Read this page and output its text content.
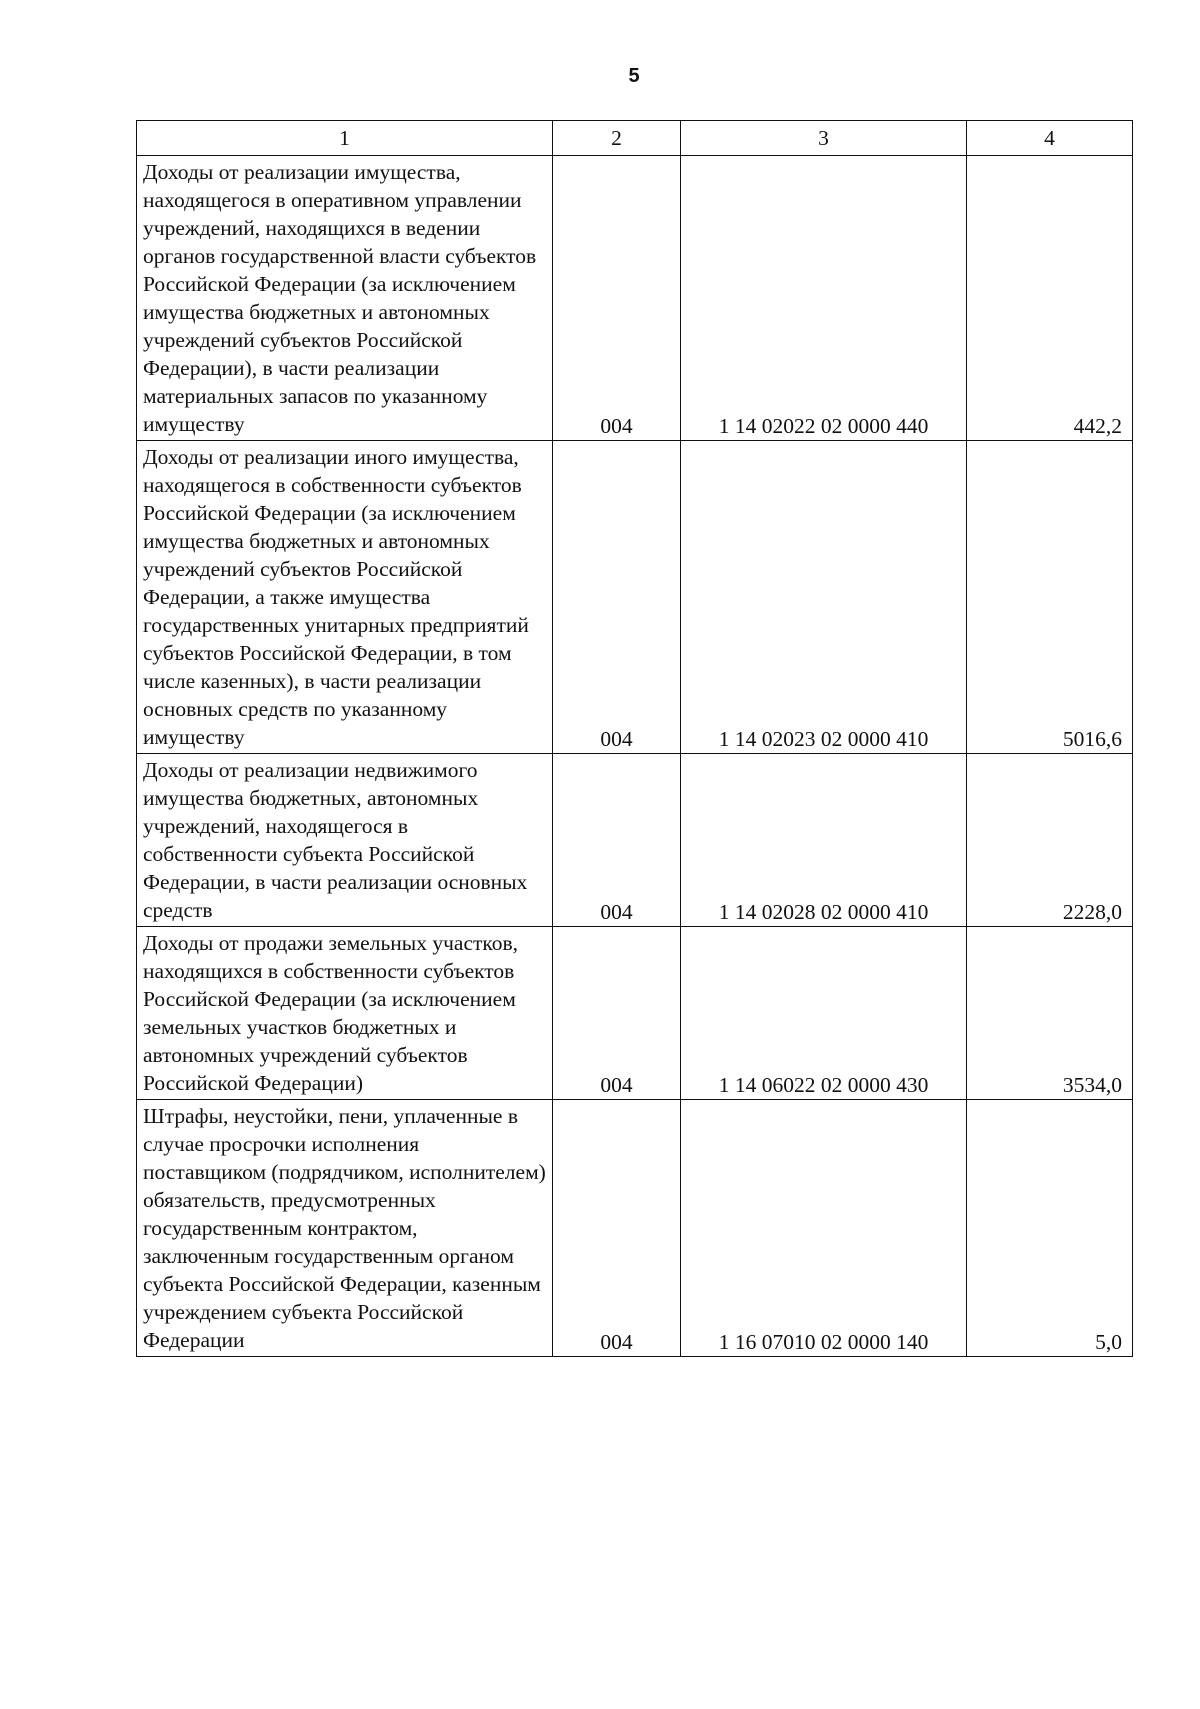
5
1	2	3	4
Доходы от реализации имущества, находящегося в оперативном управлении учреждений, находящихся в ведении органов государственной власти субъектов Российской Федерации (за исключением имущества бюджетных и автономных учреждений субъектов Российской Федерации), в части реализации материальных запасов по указанному имуществу	004	1 14 02022 02 0000 440	442,2
Доходы от реализации иного имущества, находящегося в собственности субъектов Российской Федерации (за исключением имущества бюджетных и автономных учреждений субъектов Российской Федерации, а также имущества государственных унитарных предприятий субъектов Российской Федерации, в том числе казенных), в части реализации основных средств по указанному имуществу	004	1 14 02023 02 0000 410	5016,6
Доходы от реализации недвижимого имущества бюджетных, автономных учреждений, находящегося в собственности субъекта Российской Федерации, в части реализации основных средств	004	1 14 02028 02 0000 410	2228,0
Доходы от продажи земельных участков, находящихся в собственности субъектов Российской Федерации (за исключением земельных участков бюджетных и автономных учреждений субъектов Российской Федерации)	004	1 14 06022 02 0000 430	3534,0
Штрафы, неустойки, пени, уплаченные в случае просрочки исполнения поставщиком (подрядчиком, исполнителем) обязательств, предусмотренных государственным контрактом, заключенным государственным органом субъекта Российской Федерации, казенным учреждением субъекта Российской Федерации	004	1 16 07010 02 0000 140	5,0
